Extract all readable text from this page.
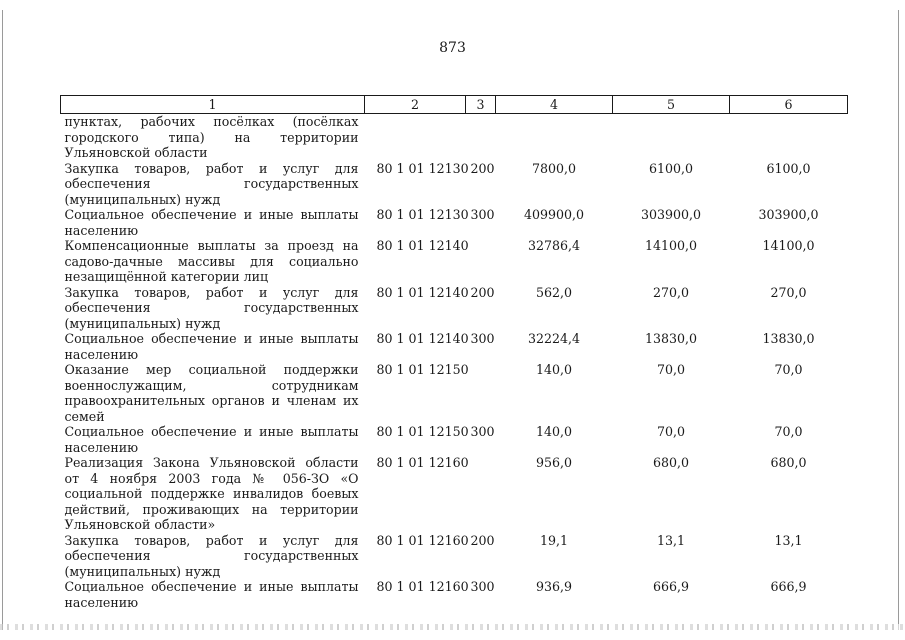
873
1	2	3	4	5	6
пунктах, рабочих посёлках (посёлках городского типа) на территории Ульяновской области					
Закупка товаров, работ и услуг для обеспечения государственных (муниципальных) нужд	80 1 01 12130	200	7800,0	6100,0	6100,0
Социальное обеспечение и иные выплаты населению	80 1 01 12130	300	409900,0	303900,0	303900,0
Компенсационные выплаты за проезд на садово-дачные массивы для социально незащищённой категории лиц	80 1 01 12140		32786,4	14100,0	14100,0
Закупка товаров, работ и услуг для обеспечения государственных (муниципальных) нужд	80 1 01 12140	200	562,0	270,0	270,0
Социальное обеспечение и иные выплаты населению	80 1 01 12140	300	32224,4	13830,0	13830,0
Оказание мер социальной поддержки военнослужащим, сотрудникам правоохранительных органов и членам их семей	80 1 01 12150		140,0	70,0	70,0
Социальное обеспечение и иные выплаты населению	80 1 01 12150	300	140,0	70,0	70,0
Реализация Закона Ульяновской области от 4 ноября 2003 года № 056-ЗО «О социальной поддержке инвалидов боевых действий, проживающих на территории Ульяновской области»	80 1 01 12160		956,0	680,0	680,0
Закупка товаров, работ и услуг для обеспечения государственных (муниципальных) нужд	80 1 01 12160	200	19,1	13,1	13,1
Социальное обеспечение и иные выплаты населению	80 1 01 12160	300	936,9	666,9	666,9
